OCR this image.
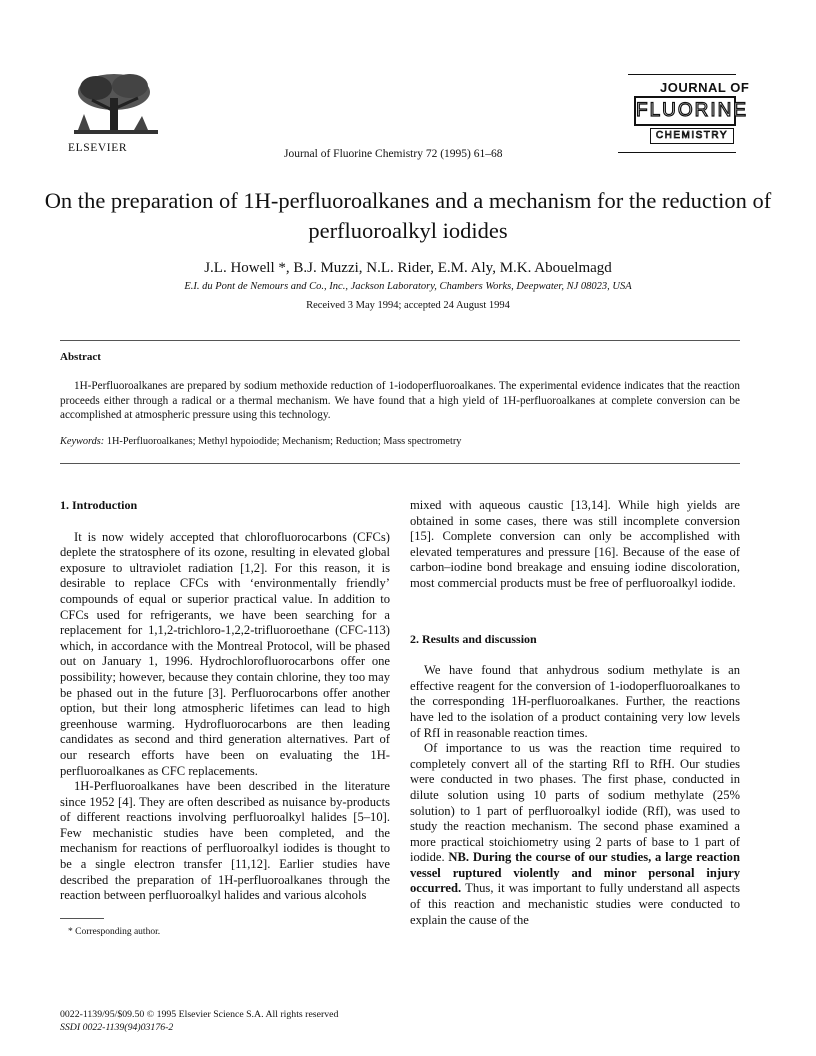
ELSEVIER	Journal of Fluorine Chemistry 72 (1995) 61–68
JOURNAL OF
FLUORINE
CHEMISTRY
On the preparation of 1H-perfluoroalkanes and a mechanism for the reduction of perfluoroalkyl iodides
J.L. Howell *, B.J. Muzzi, N.L. Rider, E.M. Aly, M.K. Abouelmagd
E.I. du Pont de Nemours and Co., Inc., Jackson Laboratory, Chambers Works, Deepwater, NJ 08023, USA
Received 3 May 1994; accepted 24 August 1994
Abstract
1H-Perfluoroalkanes are prepared by sodium methoxide reduction of 1-iodoperfluoroalkanes. The experimental evidence indicates that the reaction proceeds either through a radical or a thermal mechanism. We have found that a high yield of 1H-perfluoroalkanes at complete conversion can be accomplished at atmospheric pressure using this technology.
Keywords: 1H-Perfluoroalkanes; Methyl hypoiodide; Mechanism; Reduction; Mass spectrometry
1. Introduction

It is now widely accepted that chlorofluorocarbons (CFCs) deplete the stratosphere of its ozone, resulting in elevated global exposure to ultraviolet radiation [1,2]. For this reason, it is desirable to replace CFCs with ‘environmentally friendly’ compounds of equal or superior practical value. In addition to CFCs used for refrigerants, we have been searching for a replacement for 1,1,2-trichloro-1,2,2-trifluoroethane (CFC-113) which, in accordance with the Montreal Protocol, will be phased out on January 1, 1996. Hydrochlorofluorocarbons offer one possibility; however, because they contain chlorine, they too may be phased out in the future [3]. Perfluorocarbons offer another option, but their long atmospheric lifetimes can lead to high greenhouse warming. Hydrofluorocarbons are then leading candidates as second and third generation alternatives. Part of our research efforts have been on evaluating the 1H-perfluoroalkanes as CFC replacements.

1H-Perfluoroalkanes have been described in the literature since 1952 [4]. They are often described as nuisance by-products of different reactions involving perfluoroalkyl halides [5–10]. Few mechanistic studies have been completed, and the mechanism for reactions of perfluoroalkyl iodides is thought to be a single electron transfer [11,12]. Earlier studies have described the preparation of 1H-perfluoroalkanes through the reaction between perfluoroalkyl halides and various alcohols

* Corresponding author.

mixed with aqueous caustic [13,14]. While high yields are obtained in some cases, there was still incomplete conversion [15]. Complete conversion can only be accomplished with elevated temperatures and pressure [16]. Because of the ease of carbon–iodine bond breakage and ensuing iodine discoloration, most commercial products must be free of perfluoroalkyl iodide.

2. Results and discussion

We have found that anhydrous sodium methylate is an effective reagent for the conversion of 1-iodoperfluoroalkanes to the corresponding 1H-perfluoroalkanes. Further, the reactions have led to the isolation of a product containing very low levels of RfI in reasonable reaction times.

Of importance to us was the reaction time required to completely convert all of the starting RfI to RfH. Our studies were conducted in two phases. The first phase, conducted in dilute solution using 10 parts of sodium methylate (25% solution) to 1 part of perfluoroalkyl iodide (RfI), was used to study the reaction mechanism. The second phase examined a more practical stoichiometry using 2 parts of base to 1 part of iodide. NB. During the course of our studies, a large reaction vessel ruptured violently and minor personal injury occurred. Thus, it was important to fully understand all aspects of this reaction and mechanistic studies were conducted to explain the cause of the

0022-1139/95/$09.50 © 1995 Elsevier Science S.A. All rights reserved
SSDI 0022-1139(94)03176-2
